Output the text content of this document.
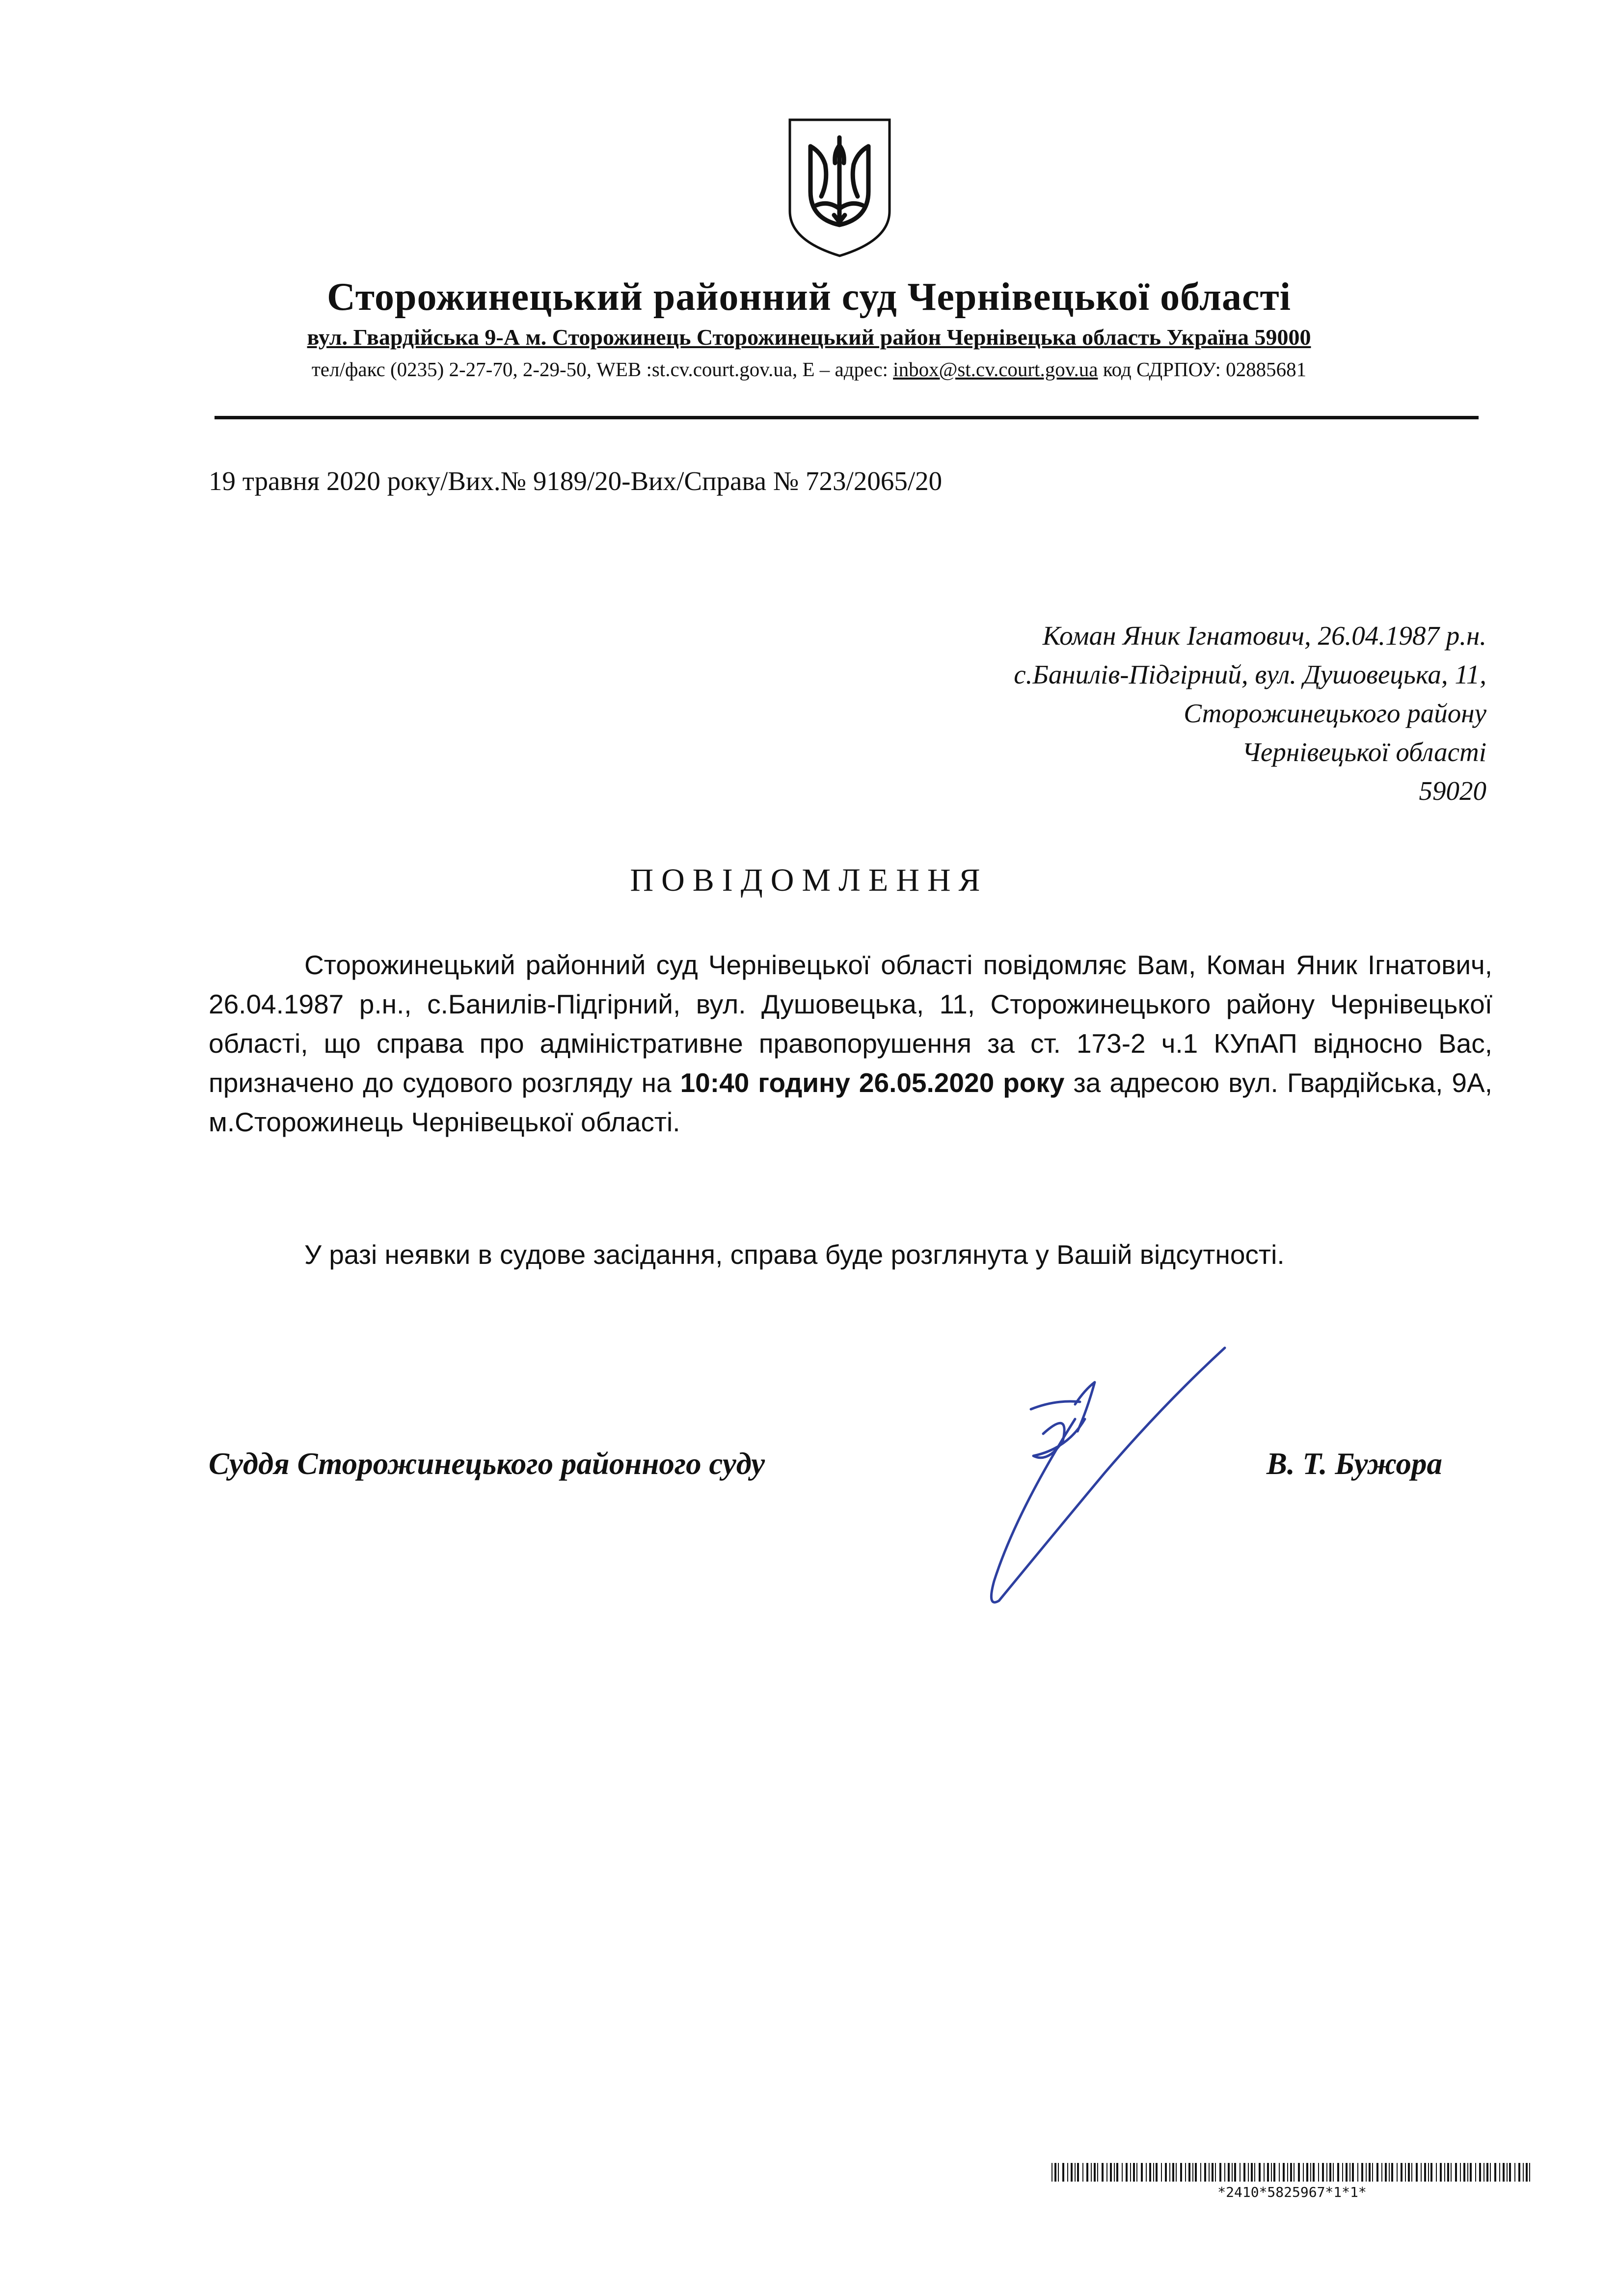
Сторожинецький районний суд Чернівецької області
вул. Гвардійська 9-А м. Сторожинець Сторожинецький район Чернівецька область Україна 59000
тел/факс (0235) 2-27-70, 2-29-50, WEB :st.cv.court.gov.ua, Е – адрес: inbox@st.cv.court.gov.ua код СДРПОУ: 02885681
19 травня 2020 року/Вих.№ 9189/20-Вих/Справа № 723/2065/20
Коман Яник Ігнатович, 26.04.1987 р.н.
с.Банилів-Підгірний, вул. Душовецька, 11,
Сторожинецького району
Чернівецької області
59020
ПОВІДОМЛЕННЯ
Сторожинецький районний суд Чернівецької області повідомляє Вам, Коман Яник Ігнатович, 26.04.1987 р.н., с.Банилів-Підгірний, вул. Душовецька, 11, Сторожинецького району Чернівецької області, що справа про адміністративне правопорушення за ст. 173-2 ч.1 КУпАП відносно Вас, призначено до судового розгляду на 10:40 годину 26.05.2020 року за адресою вул. Гвардійська, 9А, м.Сторожинець Чернівецької області.
У разі неявки в судове засідання, справа буде розглянута у Вашій відсутності.
Суддя Сторожинецького районного суду	В. Т. Бужора
*2410*5825967*1*1*
